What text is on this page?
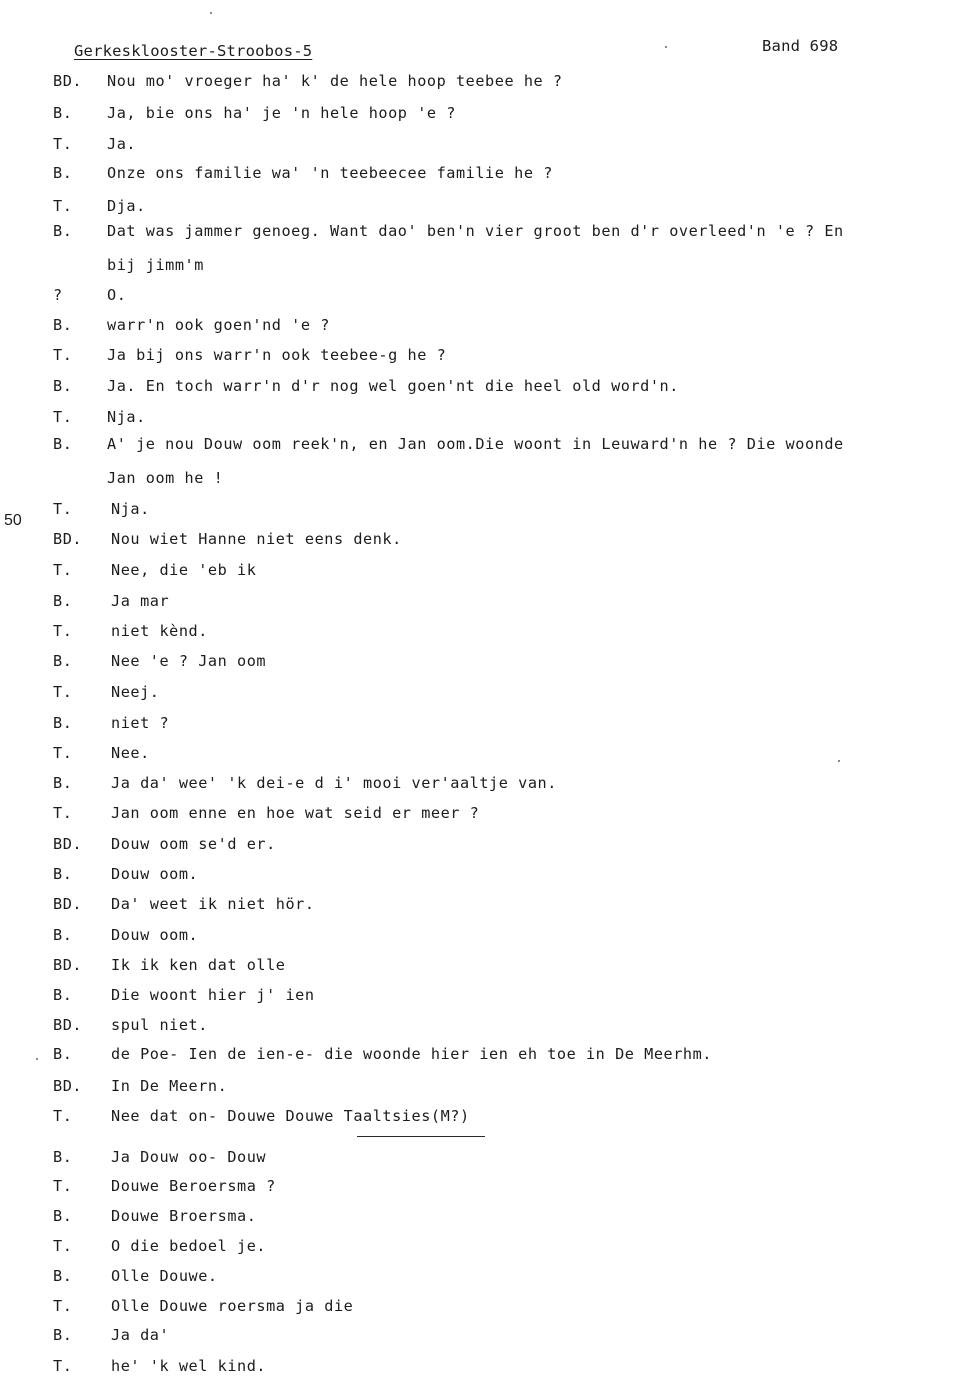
Gerkesklooster-Stroobos-5	Band 698
50
BD. Nou mo' vroeger ha' k' de hele hoop teebee he ?
B. Ja, bie ons ha' je 'n hele hoop 'e ?
T. Ja.
B. Onze ons familie wa' 'n teebeecee familie he ?
T. Dja.
B. Dat was jammer genoeg. Want dao' ben'n vier groot ben d'r overleed'n 'e ? En
bij jimm'm
?	O.
B. warr'n ook goen'nd 'e ?
T. Ja bij ons warr'n ook teebee-g he ?
B. Ja. En toch warr'n d'r nog wel goen'nt die heel old word'n.
T. Nja.
B. A' je nou Douw oom reek'n, en Jan oom.Die woont in Leuward'n he ? Die woonde
Jan oom he !
T.	Nja.
BD. Nou wiet Hanne niet eens denk.
T.	Nee, die 'eb ik
B.	Ja mar
T.	niet kènd.
B.	Nee 'e ? Jan oom
T.	Neej.
B.	niet ?
T.	Nee.
B.	Ja da' wee' 'k dei-e d i' mooi ver'aaltje van.
T.	Jan oom enne en hoe wat seid er meer ?
BD. Douw oom se'd er.
B.	Douw oom.
BD. Da' weet ik niet hör.
B.	Douw oom.
BD. Ik ik ken dat olle
B.	Die woont hier j' ien
BD. spul niet.
B.	de Poe- Ien de ien-e- die woonde hier ien eh toe in De Meerhm.
BD. In De Meern.
T.	Nee dat on- Douwe Douwe Taaltsies(M?)
B.	Ja Douw oo- Douw
T.	Douwe Beroersma ?
B.	Douwe Broersma.
T.	O die bedoel je.
B.	Olle Douwe.
T.	Olle Douwe roersma ja die
B.	Ja da'
T.	he' 'k wel kind.
